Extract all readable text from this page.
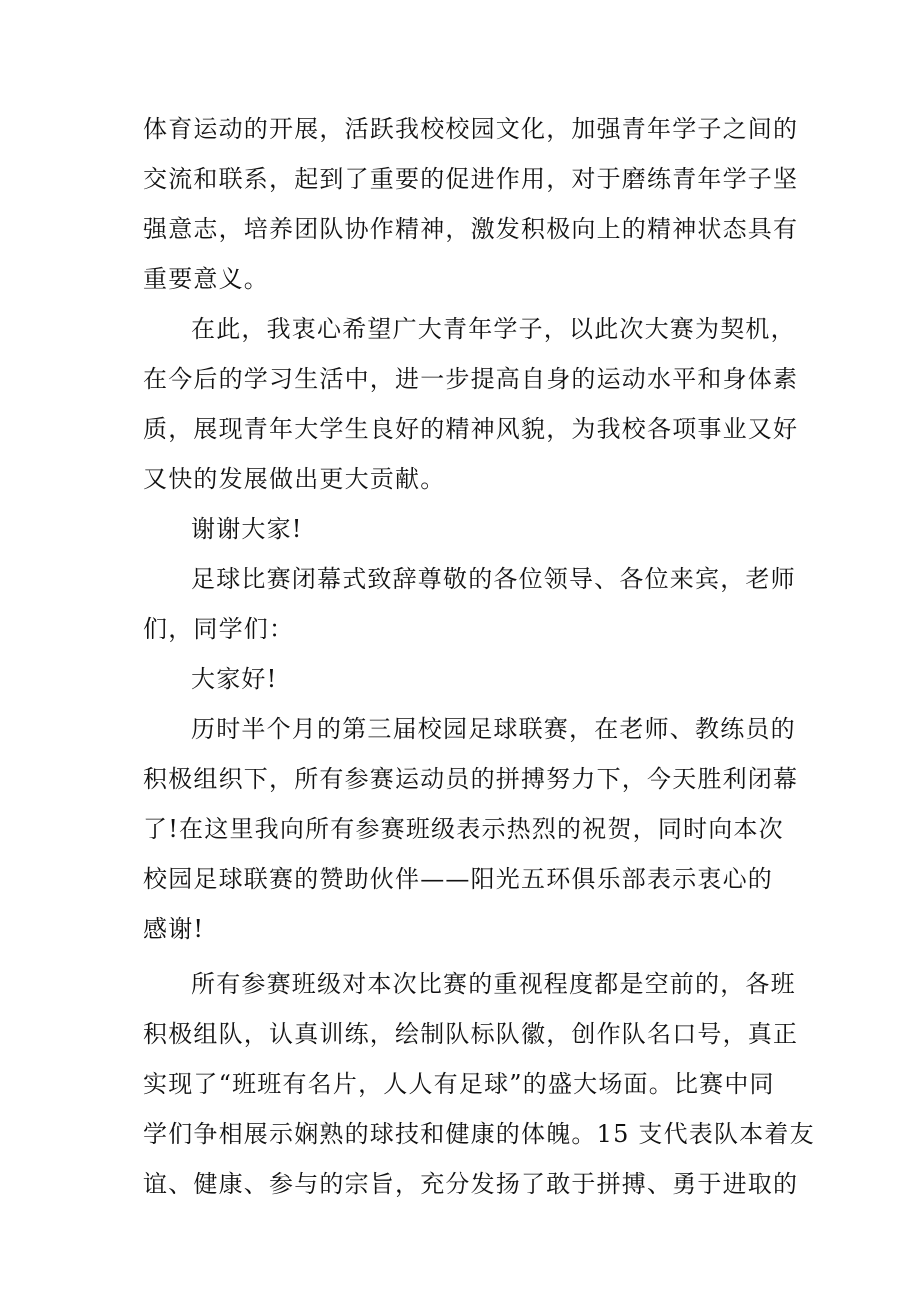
体育运动的开展，活跃我校校园文化，加强青年学子之间的
交流和联系，起到了重要的促进作用，对于磨练青年学子坚
强意志，培养团队协作精神，激发积极向上的精神状态具有
重要意义。
在此，我衷心希望广大青年学子，以此次大赛为契机，
在今后的学习生活中，进一步提高自身的运动水平和身体素
质，展现青年大学生良好的精神风貌，为我校各项事业又好
又快的发展做出更大贡献。
谢谢大家!
足球比赛闭幕式致辞尊敬的各位领导、各位来宾，老师
们，同学们：
大家好!
历时半个月的第三届校园足球联赛，在老师、教练员的
积极组织下，所有参赛运动员的拼搏努力下，今天胜利闭幕
了!在这里我向所有参赛班级表示热烈的祝贺，同时向本次
校园足球联赛的赞助伙伴——阳光五环俱乐部表示衷心的
感谢!
所有参赛班级对本次比赛的重视程度都是空前的，各班
积极组队，认真训练，绘制队标队徽，创作队名口号，真正
实现了“班班有名片，人人有足球”的盛大场面。比赛中同
学们争相展示娴熟的球技和健康的体魄。15 支代表队本着友
谊、健康、参与的宗旨，充分发扬了敢于拼搏、勇于进取的
